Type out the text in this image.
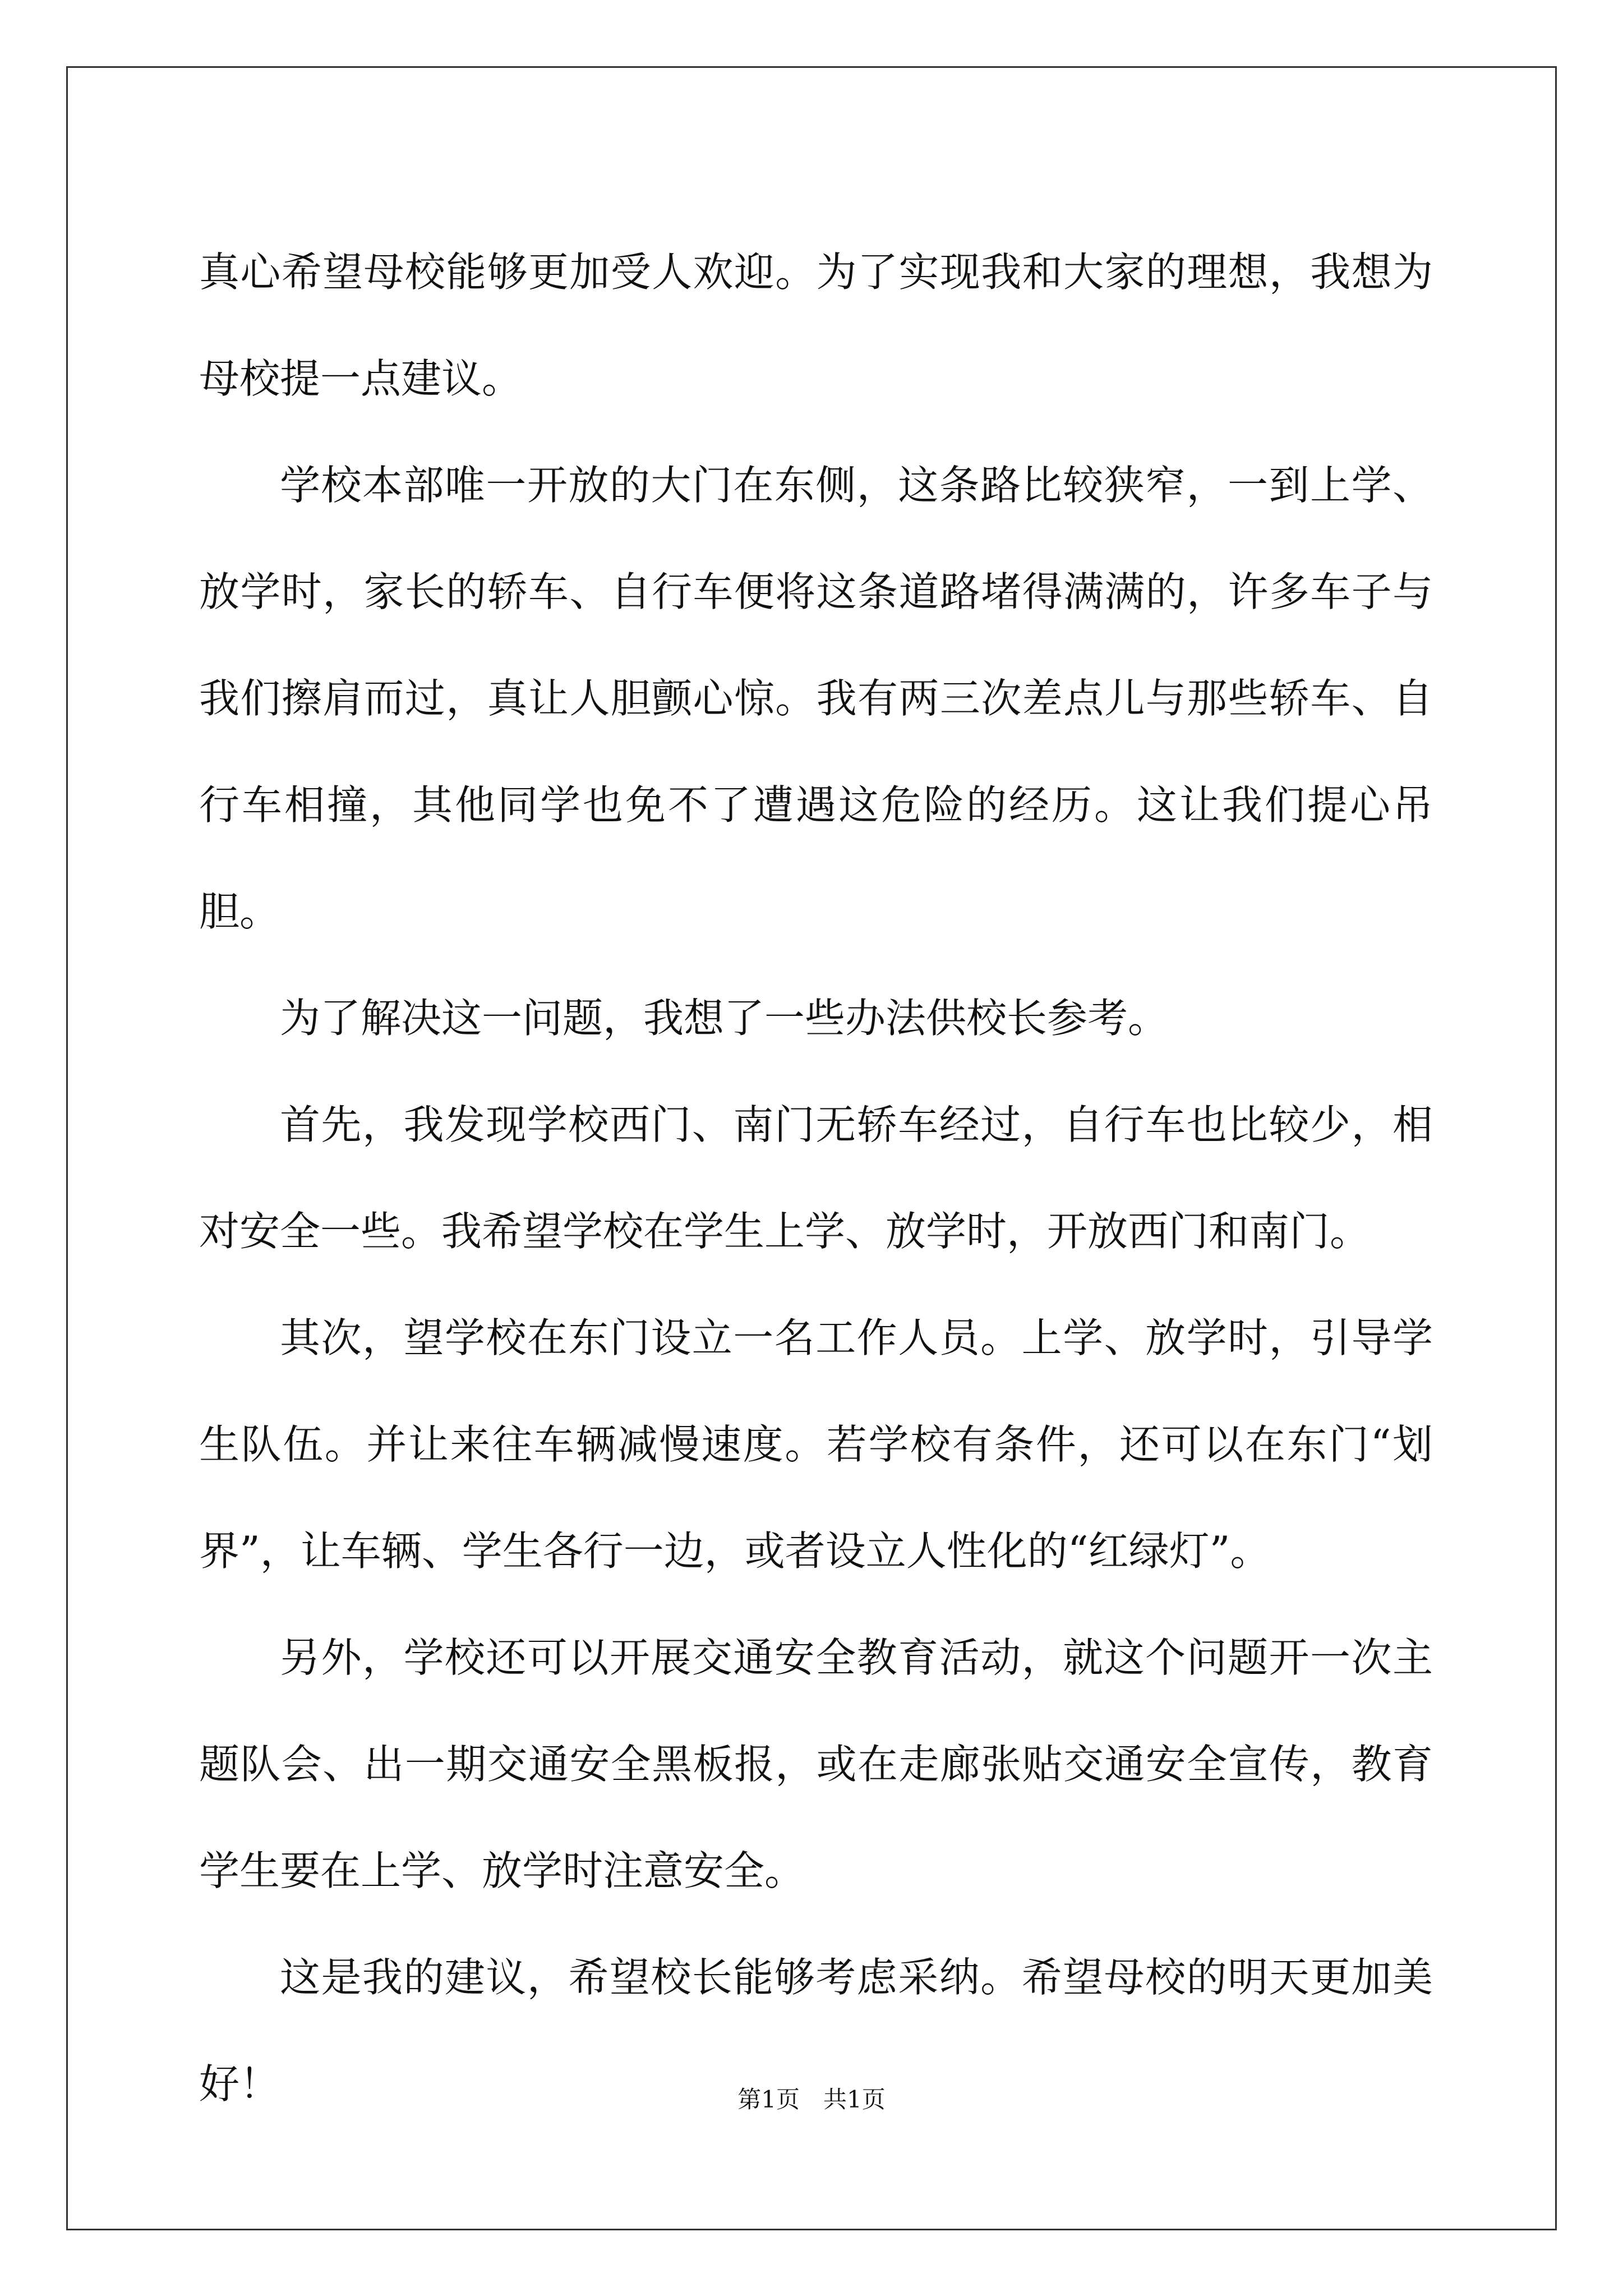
真心希望母校能够更加受人欢迎。为了实现我和大家的理想，我想为母校提一点建议。

学校本部唯一开放的大门在东侧，这条路比较狭窄，一到上学、放学时，家长的轿车、自行车便将这条道路堵得满满的，许多车子与我们擦肩而过，真让人胆颤心惊。我有两三次差点儿与那些轿车、自行车相撞，其他同学也免不了遭遇这危险的经历。这让我们提心吊胆。

为了解决这一问题，我想了一些办法供校长参考。

首先，我发现学校西门、南门无轿车经过，自行车也比较少，相对安全一些。我希望学校在学生上学、放学时，开放西门和南门。

其次，望学校在东门设立一名工作人员。上学、放学时，引导学生队伍。并让来往车辆减慢速度。若学校有条件，还可以在东门“划界”，让车辆、学生各行一边，或者设立人性化的“红绿灯”。

另外，学校还可以开展交通安全教育活动，就这个问题开一次主题队会、出一期交通安全黑板报，或在走廊张贴交通安全宣传，教育学生要在上学、放学时注意安全。

这是我的建议，希望校长能够考虑采纳。希望母校的明天更加美好！	第1页　共1页
